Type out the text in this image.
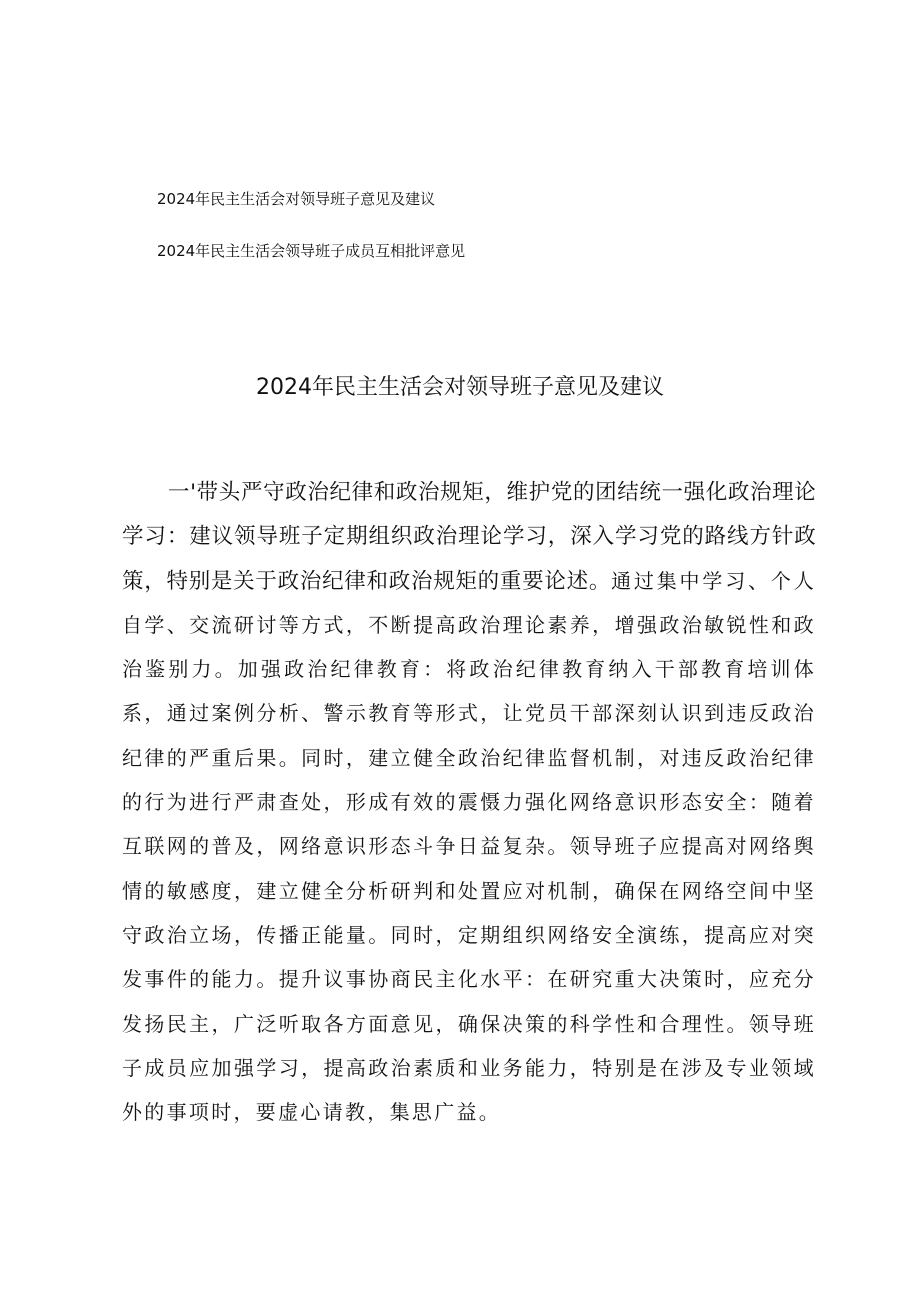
2024年民主生活会对领导班子意见及建议
2024年民主生活会领导班子成员互相批评意见
2024年民主生活会对领导班子意见及建议

一'带头严守政治纪律和政治规矩，维护党的团结统一强化政治理论学习：建议领导班子定期组织政治理论学习，深入学习党的路线方针政策，特别是关于政治纪律和政治规矩的重要论述。通过集中学习、个人自学、交流研讨等方式，不断提高政治理论素养，增强政治敏锐性和政治鉴别力。加强政治纪律教育：将政治纪律教育纳入干部教育培训体系，通过案例分析、警示教育等形式，让党员干部深刻认识到违反政治纪律的严重后果。同时，建立健全政治纪律监督机制，对违反政治纪律的行为进行严肃查处，形成有效的震慑力强化网络意识形态安全：随着互联网的普及，网络意识形态斗争日益复杂。领导班子应提高对网络舆情的敏感度，建立健全分析研判和处置应对机制，确保在网络空间中坚守政治立场，传播正能量。同时，定期组织网络安全演练，提高应对突发事件的能力。提升议事协商民主化水平：在研究重大决策时，应充分发扬民主，广泛听取各方面意见，确保决策的科学性和合理性。领导班子成员应加强学习，提高政治素质和业务能力，特别是在涉及专业领域外的事项时，要虚心请教，集思广益。
